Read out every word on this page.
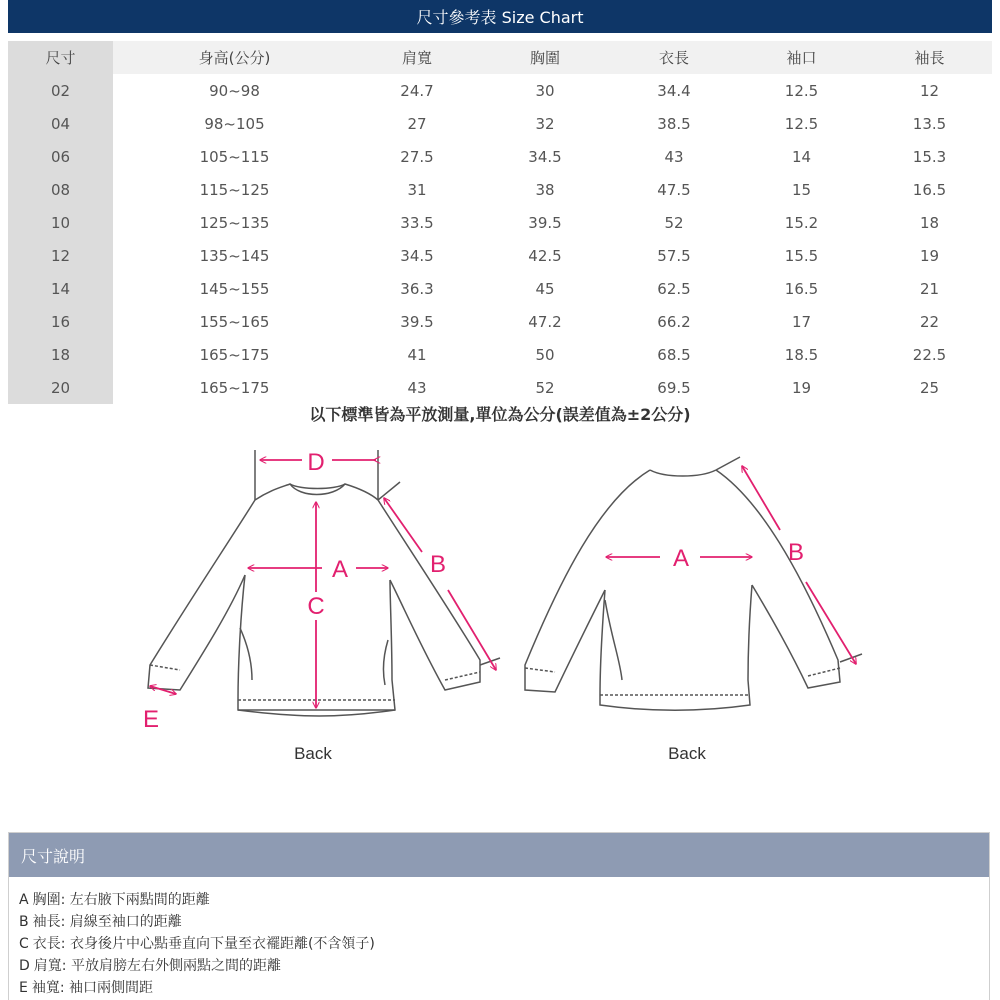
尺寸參考表 Size Chart
尺寸	身高(公分)	肩寬	胸圍	衣長	袖口	袖長
02	90~98	24.7	30	34.4	12.5	12
04	98~105	27	32	38.5	12.5	13.5
06	105~115	27.5	34.5	43	14	15.3
08	115~125	31	38	47.5	15	16.5
10	125~135	33.5	39.5	52	15.2	18
12	135~145	34.5	42.5	57.5	15.5	19
14	145~155	36.3	45	62.5	16.5	21
16	155~165	39.5	47.2	66.2	17	22
18	165~175	41	50	68.5	18.5	22.5
20	165~175	43	52	69.5	19	25
以下標準皆為平放測量,單位為公分(誤差值為±2公分)
D
A
C
B
E
Back
A	B
Back
尺寸說明
A 胸圍: 左右腋下兩點間的距離
B 袖長: 肩線至袖口的距離
C 衣長: 衣身後片中心點垂直向下量至衣襬距離(不含領子)
D 肩寬: 平放肩膀左右外側兩點之間的距離
E 袖寬: 袖口兩側間距
